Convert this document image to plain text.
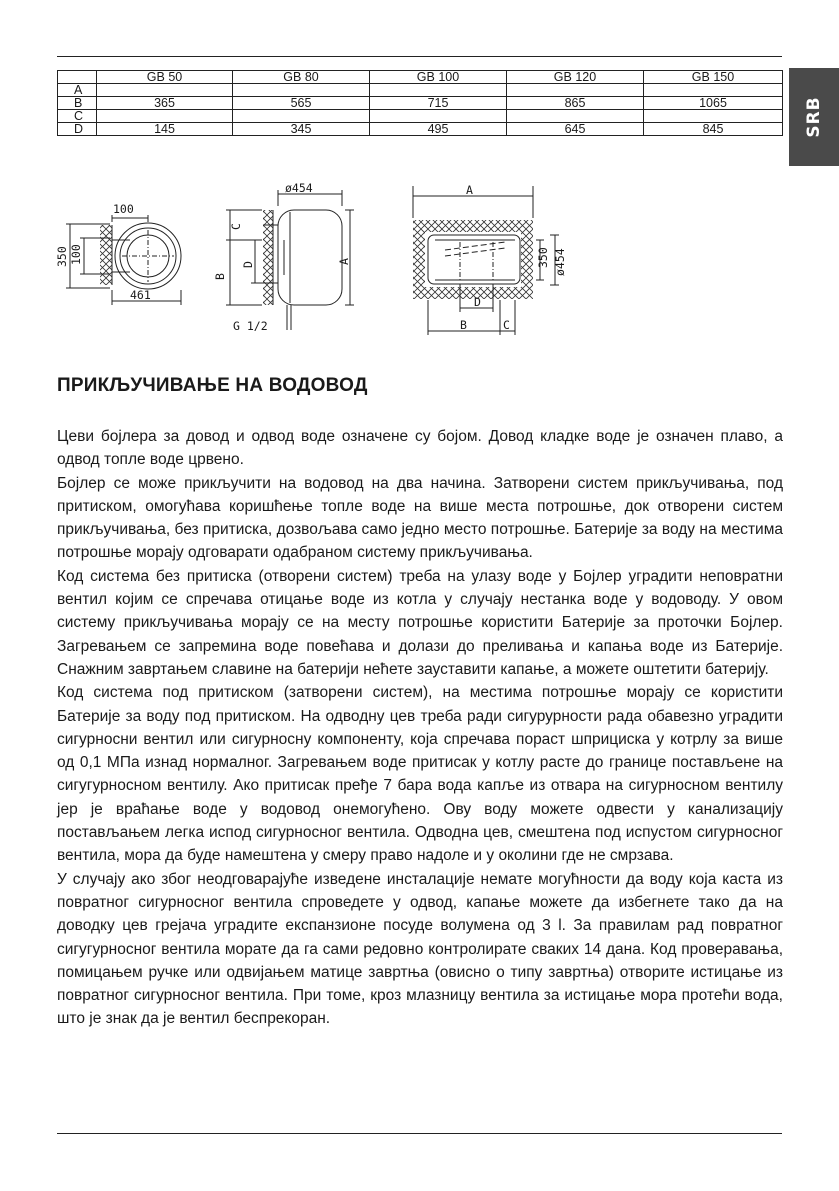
SRB
	GB 50	GB 80	GB 100	GB 120	GB 150
A					
B	365	565	715	865	1065
C					
D	145	345	495	645	845
100
350 100
461
ø454
C
B
D	A
G 1/2
A
350 ø454
D
B	C
ПРИКЉУЧИВАЊЕ НА ВОДОВОД

Цеви бојлера за довод и одвод воде означене су бојом. Довод кладке воде је означен плаво, а одвод топле воде црвено.

Бојлер се може прикључити на водовод на два начина. Затворени систем прикључивања, под притиском, омогућава коришћење топле воде на више места потрошње, док отворени систем прикључивања, без притиска, дозвољава само једно место потрошње. Батерије за воду на местима потрошње морају одговарати одабраном систему прикључивања.

Код система без притиска (отворени систем) треба на улазу воде у Бојлер уградити неповратни вентил којим се спречава отицање воде из котла у случају нестанка воде у водоводу. У овом систему прикључивања морају се на месту потрошње користити Батерије за проточки Бојлер. Загревањем се запремина воде повећава и долази до преливања и капања воде из Батерије. Снажним завртањем славине на батерији нећете зауставити капање, а можете оштетити батерију.

Код система под притиском (затворени систем), на местима потрошње морају се користити Батерије за воду под притиском. На одводну цев треба ради сигурурности рада обавезно уградити сигурносни вентил или сигурносну компоненту, која спречава пораст шприциска у котрлу за више од 0,1 МПа изнад нормалног. Загревањем воде притисак у котлу расте до границе постављене на сигугурносном вентилу. Ако притисак пређе 7 бара вода капље из отвара на сигурносном вентилу јер је враћање воде у водовод онемогућено. Ову воду можете одвести у канализацију постављањем легка испод сигурносног вентила. Одводна цев, смештена под испустом сигурносног вентила, мора да буде намештена у смеру право надоле и у околини где не смрзава.

У случају ако због неодговарајуће изведене инсталације немате могућности да воду која каста из повратног сигурносног вентила спроведете у одвод, капање можете да избегнете тако да на доводку цев грејача уградите експанзионе посуде волумена од 3 l. За правилам рад повратног сигугурносног вентила морате да га сами редовно контролирате сваких 14 дана. Код проверавања, помицањем ручке или одвијањем матице завртња (овисно о типу завртња) отворите истицање из повратног сигурносног вентила. При томе, кроз млазницу вентила за истицање мора протећи вода, што је знак да је вентил беспрекоран.
